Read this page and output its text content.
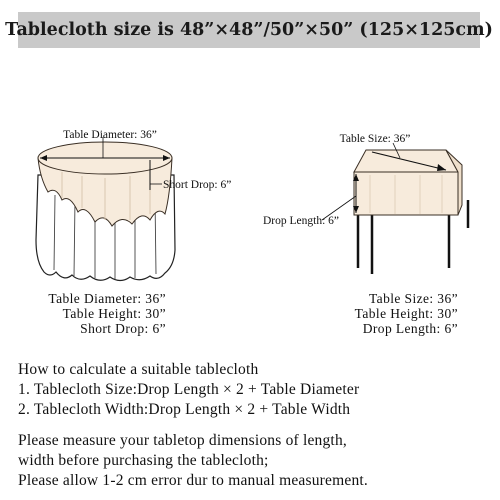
Tablecloth size is 48”×48”/50”×50” (125×125cm)
Table Diameter: 36”
Short Drop: 6”
Table Size: 36”
Drop Length: 6”
Table Diameter: 36”
Table Height: 30”
Short Drop: 6”
Table Size: 36”
Table Height: 30”
Drop Length: 6”
How to calculate a suitable tablecloth
1. Tablecloth Size:Drop Length × 2 + Table Diameter
2. Tablecloth Width:Drop Length × 2 + Table Width
Please measure your tabletop dimensions of length,
width before purchasing the tablecloth;
Please allow 1-2 cm error dur to manual measurement.
